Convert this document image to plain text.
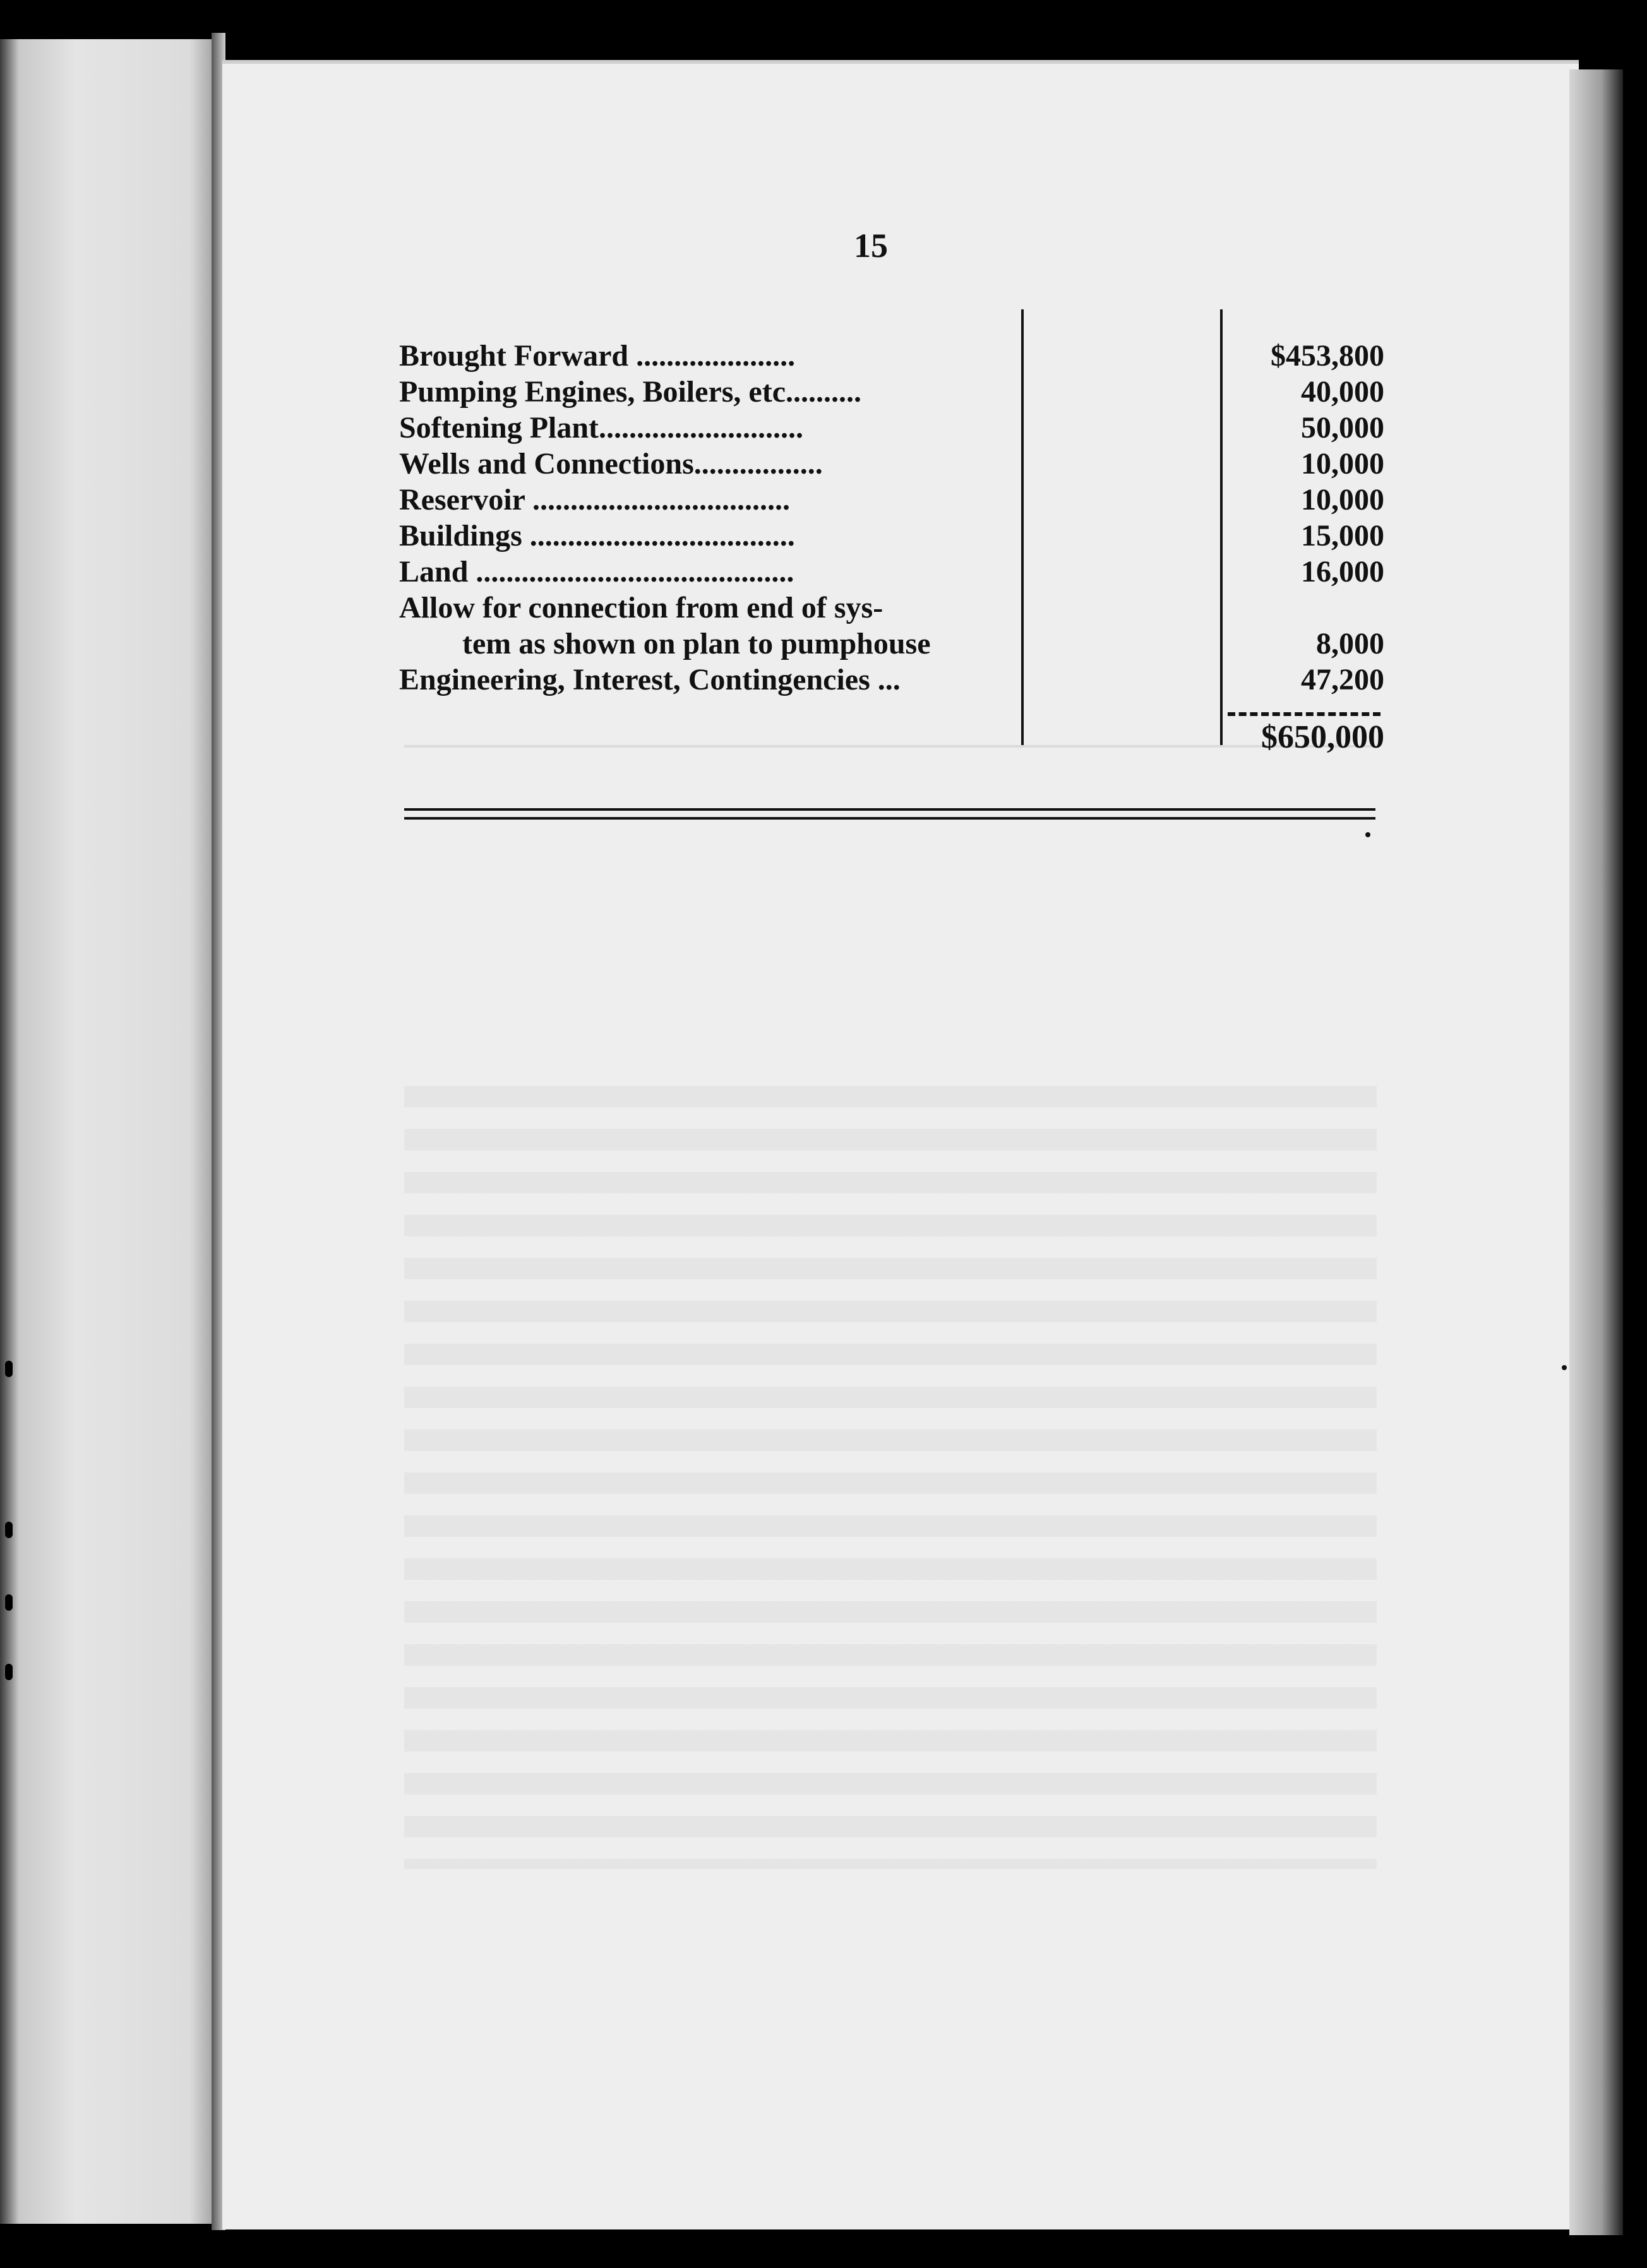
15
Brought Forward .....................	$453,800
Pumping Engines, Boilers, etc..........	40,000
Softening Plant...........................	50,000
Wells and Connections.................	10,000
Reservoir ..................................	10,000
Buildings ...................................	15,000
Land ..........................................	16,000
Allow for connection from end of sys-
tem as shown on plan to pumphouse	8,000
Engineering, Interest, Contingencies ...	47,200
$650,000
